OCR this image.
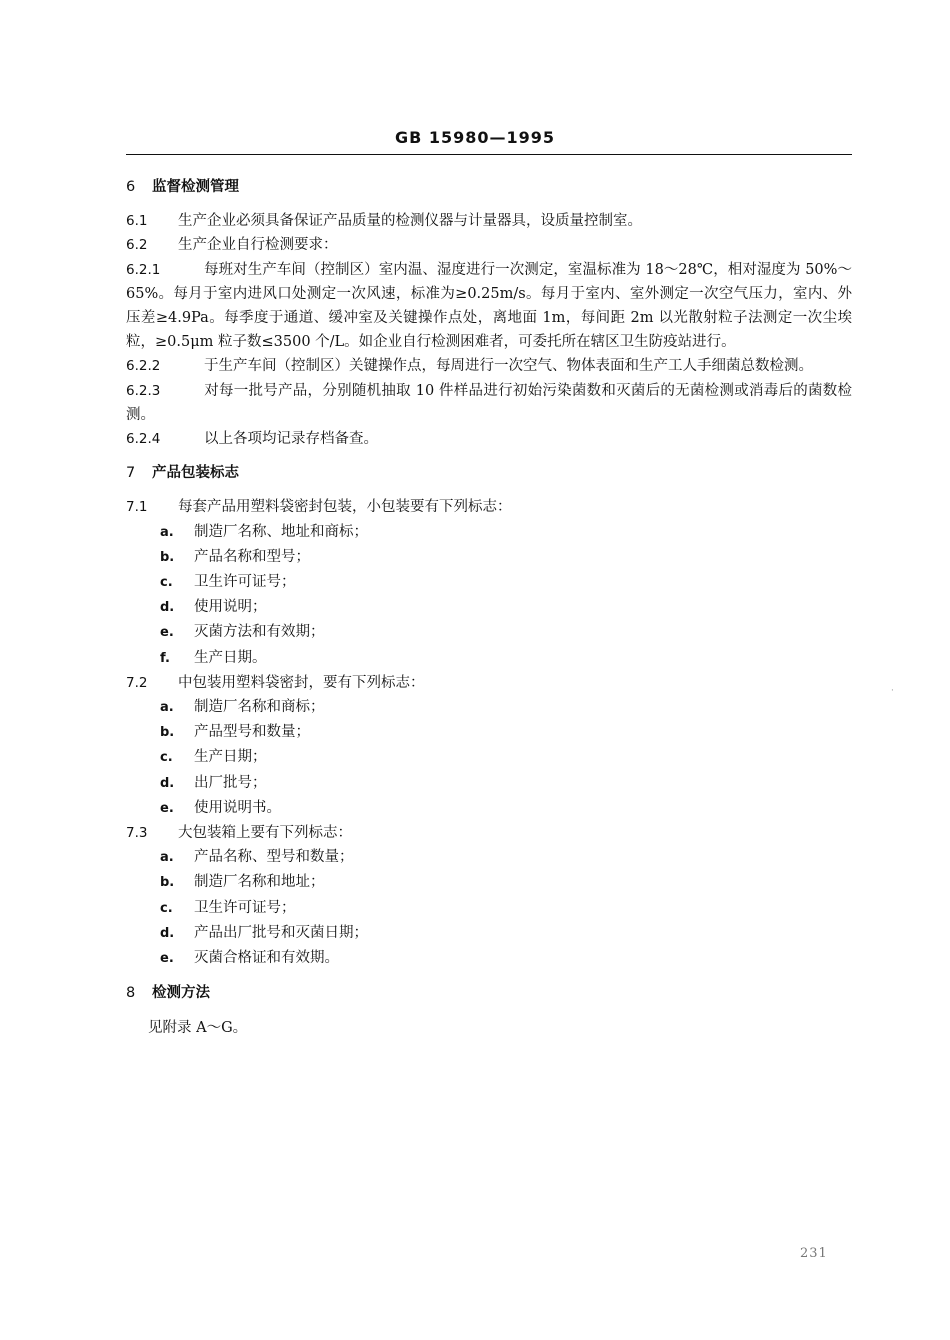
GB 15980—1995

6 监督检测管理

6.1 生产企业必须具备保证产品质量的检测仪器与计量器具，设质量控制室。

6.2 生产企业自行检测要求：

6.2.1	每班对生产车间（控制区）室内温、湿度进行一次测定，室温标准为 18～28℃，相对湿度为 50%～65%。每月于室内进风口处测定一次风速，标准为≥0.25m/s。每月于室内、室外测定一次空气压力，室内、外压差≥4.9Pa。每季度于通道、缓冲室及关键操作点处，离地面 1m，每间距 2m 以光散射粒子法测定一次尘埃粒，≥0.5μm 粒子数≤3500 个/L。如企业自行检测困难者，可委托所在辖区卫生防疫站进行。

6.2.2	于生产车间（控制区）关键操作点，每周进行一次空气、物体表面和生产工人手细菌总数检测。

6.2.3	对每一批号产品，分别随机抽取 10 件样品进行初始污染菌数和灭菌后的无菌检测或消毒后的菌数检测。

6.2.4	以上各项均记录存档备查。

7 产品包装标志

7.1 每套产品用塑料袋密封包装，小包装要有下列标志：

a. 制造厂名称、地址和商标；
b. 产品名称和型号；
c. 卫生许可证号；
d. 使用说明；
e. 灭菌方法和有效期；
f. 生产日期。

7.2 中包装用塑料袋密封，要有下列标志：

a. 制造厂名称和商标；
b. 产品型号和数量；
c. 生产日期；
d. 出厂批号；
e. 使用说明书。

7.3 大包装箱上要有下列标志：

a. 产品名称、型号和数量；
b. 制造厂名称和地址；
c. 卫生许可证号；
d. 产品出厂批号和灭菌日期；
e. 灭菌合格证和有效期。

8 检测方法

见附录 A～G。

·
231
